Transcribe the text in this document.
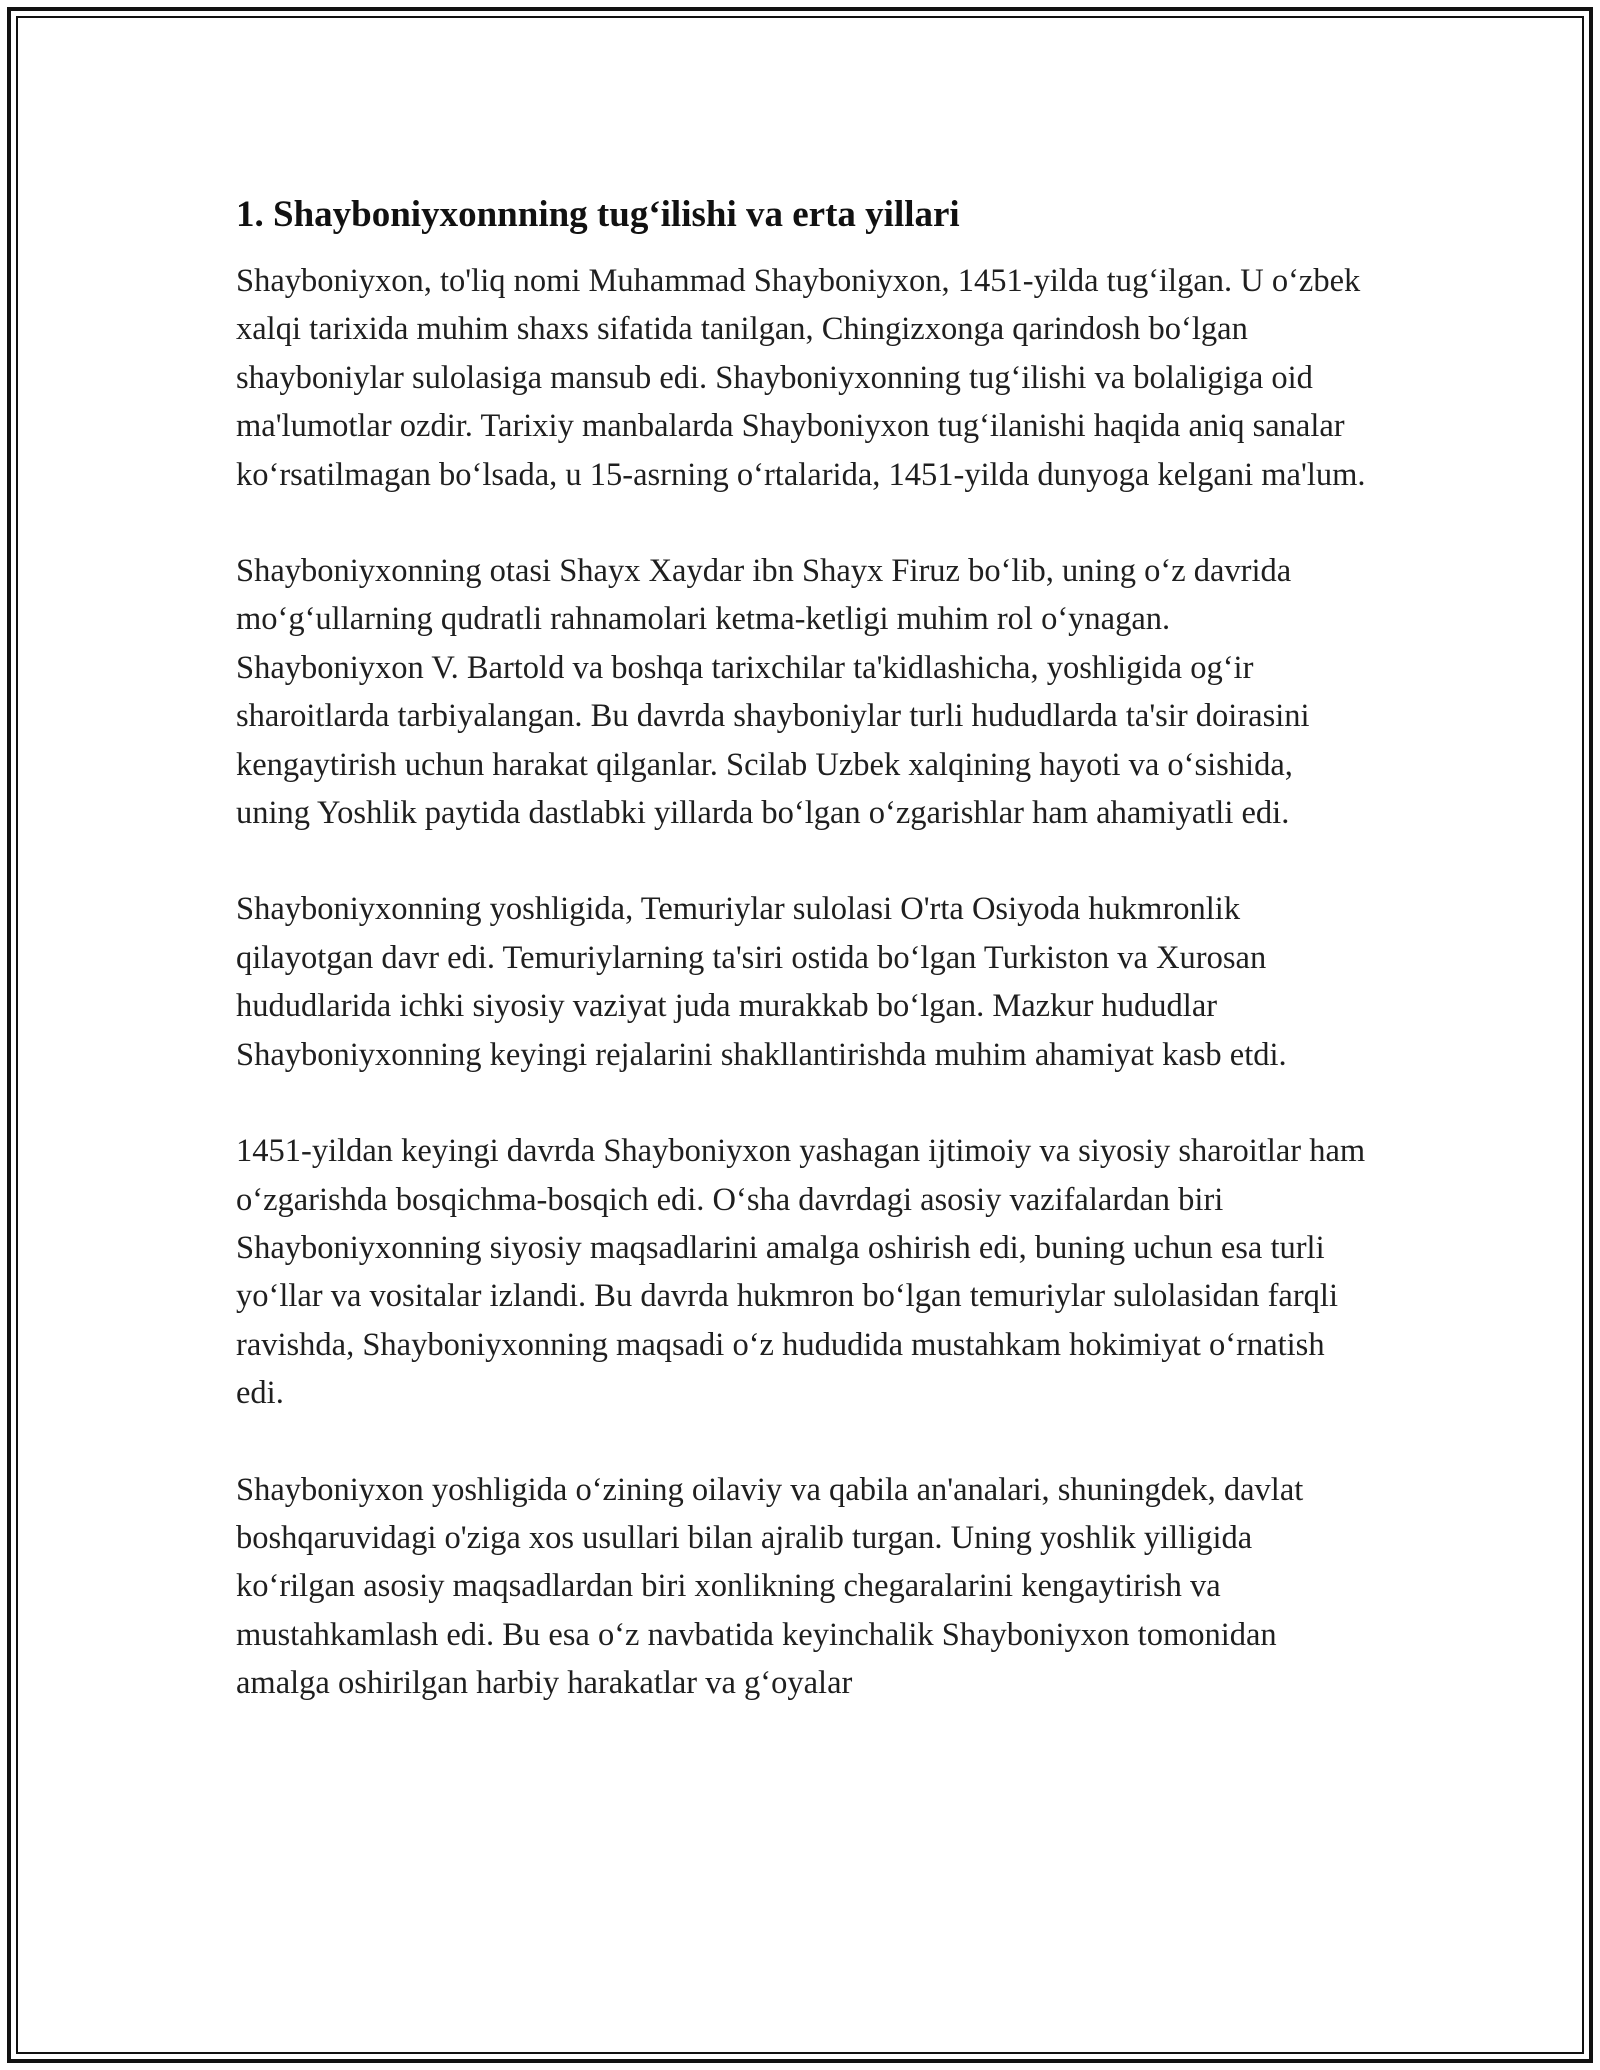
1. Shayboniyxonnning tug‘ilishi va erta yillari

Shayboniyxon, to'liq nomi Muhammad Shayboniyxon, 1451-yilda tug‘ilgan. U o‘zbek xalqi tarixida muhim shaxs sifatida tanilgan, Chingizxonga qarindosh bo‘lgan shayboniylar sulolasiga mansub edi. Shayboniyxonning tug‘ilishi va bolaligiga oid ma'lumotlar ozdir. Tarixiy manbalarda Shayboniyxon tug‘ilanishi haqida aniq sanalar ko‘rsatilmagan bo‘lsada, u 15-asrning o‘rtalarida, 1451-yilda dunyoga kelgani ma'lum.

Shayboniyxonning otasi Shayx Xaydar ibn Shayx Firuz bo‘lib, uning o‘z davrida mo‘g‘ullarning qudratli rahnamolari ketma-ketligi muhim rol o‘ynagan. Shayboniyxon V. Bartold va boshqa tarixchilar ta'kidlashicha, yoshligida og‘ir sharoitlarda tarbiyalangan. Bu davrda shayboniylar turli hududlarda ta'sir doirasini kengaytirish uchun harakat qilganlar. Scilab Uzbek xalqining hayoti va o‘sishida, uning Yoshlik paytida dastlabki yillarda bo‘lgan o‘zgarishlar ham ahamiyatli edi.

Shayboniyxonning yoshligida, Temuriylar sulolasi O'rta Osiyoda hukmronlik qilayotgan davr edi. Temuriylarning ta'siri ostida bo‘lgan Turkiston va Xurosan hududlarida ichki siyosiy vaziyat juda murakkab bo‘lgan. Mazkur hududlar Shayboniyxonning keyingi rejalarini shakllantirishda muhim ahamiyat kasb etdi.

1451-yildan keyingi davrda Shayboniyxon yashagan ijtimoiy va siyosiy sharoitlar ham o‘zgarishda bosqichma-bosqich edi. O‘sha davrdagi asosiy vazifalardan biri Shayboniyxonning siyosiy maqsadlarini amalga oshirish edi, buning uchun esa turli yo‘llar va vositalar izlandi. Bu davrda hukmron bo‘lgan temuriylar sulolasidan farqli ravishda, Shayboniyxonning maqsadi o‘z hududida mustahkam hokimiyat o‘rnatish edi.

Shayboniyxon yoshligida o‘zining oilaviy va qabila an'analari, shuningdek, davlat boshqaruvidagi o'ziga xos usullari bilan ajralib turgan. Uning yoshlik yilligida ko‘rilgan asosiy maqsadlardan biri xonlikning chegaralarini kengaytirish va mustahkamlash edi. Bu esa o‘z navbatida keyinchalik Shayboniyxon tomonidan amalga oshirilgan harbiy harakatlar va g‘oyalar
